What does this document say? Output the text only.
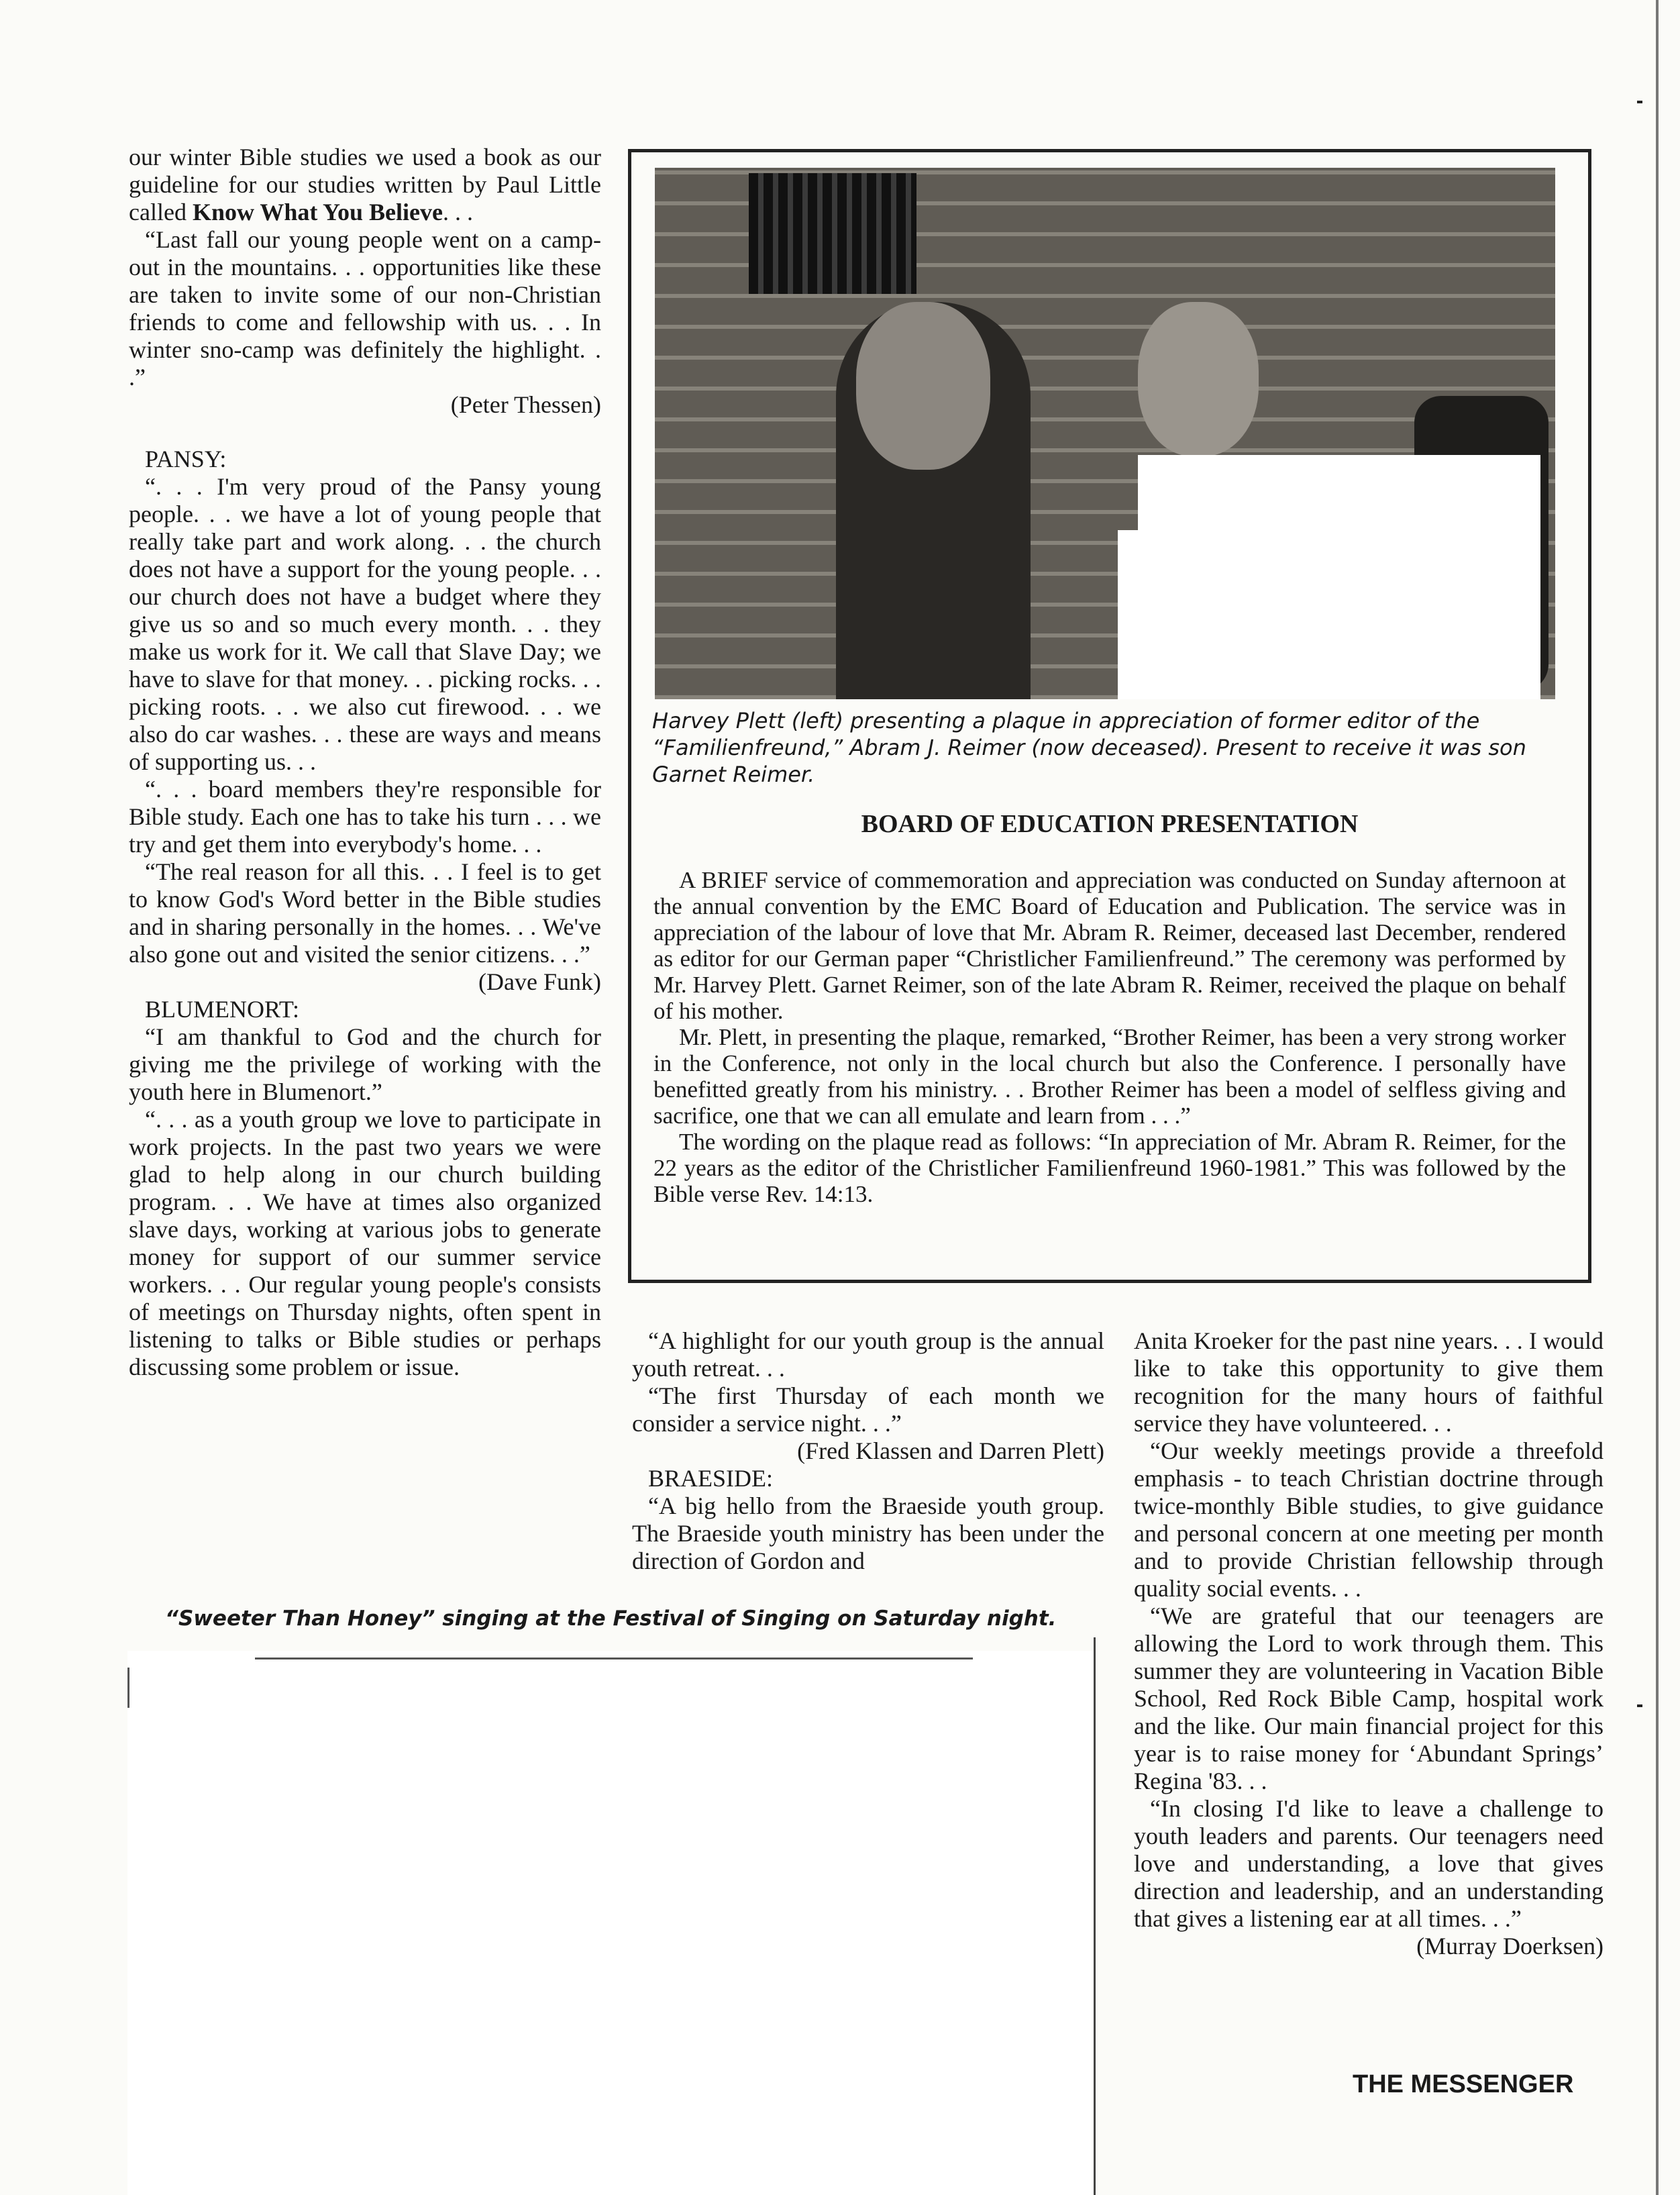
our winter Bible studies we used a book as our guideline for our studies written by Paul Little called Know What You Believe. . .

“Last fall our young people went on a camp-out in the mountains. . . opportunities like these are taken to invite some of our non-Christian friends to come and fellowship with us. . . In winter sno-camp was definitely the highlight. . .”

(Peter Thessen)

PANSY:

“. . . I'm very proud of the Pansy young people. . . we have a lot of young people that really take part and work along. . . the church does not have a support for the young people. . . our church does not have a budget where they give us so and so much every month. . . they make us work for it. We call that Slave Day; we have to slave for that money. . . picking rocks. . . picking roots. . . we also cut firewood. . . we also do car washes. . . these are ways and means of supporting us. . .

“. . . board members they're responsible for Bible study. Each one has to take his turn . . . we try and get them into everybody's home. . .

“The real reason for all this. . . I feel is to get to know God's Word better in the Bible studies and in sharing personally in the homes. . . We've also gone out and visited the senior citizens. . .”

(Dave Funk)

BLUMENORT:

“I am thankful to God and the church for giving me the privilege of working with the youth here in Blumenort.”

“. . . as a youth group we love to participate in work projects. In the past two years we were glad to help along in our church building program. . . We have at times also organized slave days, working at various jobs to generate money for support of our summer service workers. . . Our regular young people's consists of meetings on Thursday nights, often spent in listening to talks or Bible studies or perhaps discussing some problem or issue.

Harvey Plett (left) presenting a plaque in appreciation of former editor of the “Familienfreund,” Abram J. Reimer (now deceased). Present to receive it was son Garnet Reimer.
BOARD OF EDUCATION PRESENTATION

A BRIEF service of commemoration and appreciation was conducted on Sunday afternoon at the annual convention by the EMC Board of Education and Publication. The service was in appreciation of the labour of love that Mr. Abram R. Reimer, deceased last December, rendered as editor for our German paper “Christlicher Familienfreund.” The ceremony was performed by Mr. Harvey Plett. Garnet Reimer, son of the late Abram R. Reimer, received the plaque on behalf of his mother.

Mr. Plett, in presenting the plaque, remarked, “Brother Reimer, has been a very strong worker in the Conference, not only in the local church but also the Conference. I personally have benefitted greatly from his ministry. . . Brother Reimer has been a model of selfless giving and sacrifice, one that we can all emulate and learn from . . .”

The wording on the plaque read as follows: “In appreciation of Mr. Abram R. Reimer, for the 22 years as the editor of the Christlicher Familienfreund 1960-1981.” This was followed by the Bible verse Rev. 14:13.

“A highlight for our youth group is the annual youth retreat. . .

“The first Thursday of each month we consider a service night. . .”

(Fred Klassen and Darren Plett)

BRAESIDE:

“A big hello from the Braeside youth group. The Braeside youth ministry has been under the direction of Gordon and

Anita Kroeker for the past nine years. . . I would like to take this opportunity to give them recognition for the many hours of faithful service they have volunteered. . .

“Our weekly meetings provide a threefold emphasis - to teach Christian doctrine through twice-monthly Bible studies, to give guidance and personal concern at one meeting per month and to provide Christian fellowship through quality social events. . .

“We are grateful that our teenagers are allowing the Lord to work through them. This summer they are volunteering in Vacation Bible School, Red Rock Bible Camp, hospital work and the like. Our main financial project for this year is to raise money for ‘Abundant Springs’ Regina '83. . .

“In closing I'd like to leave a challenge to youth leaders and parents. Our teenagers need love and understanding, a love that gives direction and leadership, and an understanding that gives a listening ear at all times. . .”

(Murray Doerksen)

“Sweeter Than Honey” singing at the Festival of Singing on Saturday night.
THE MESSENGER
